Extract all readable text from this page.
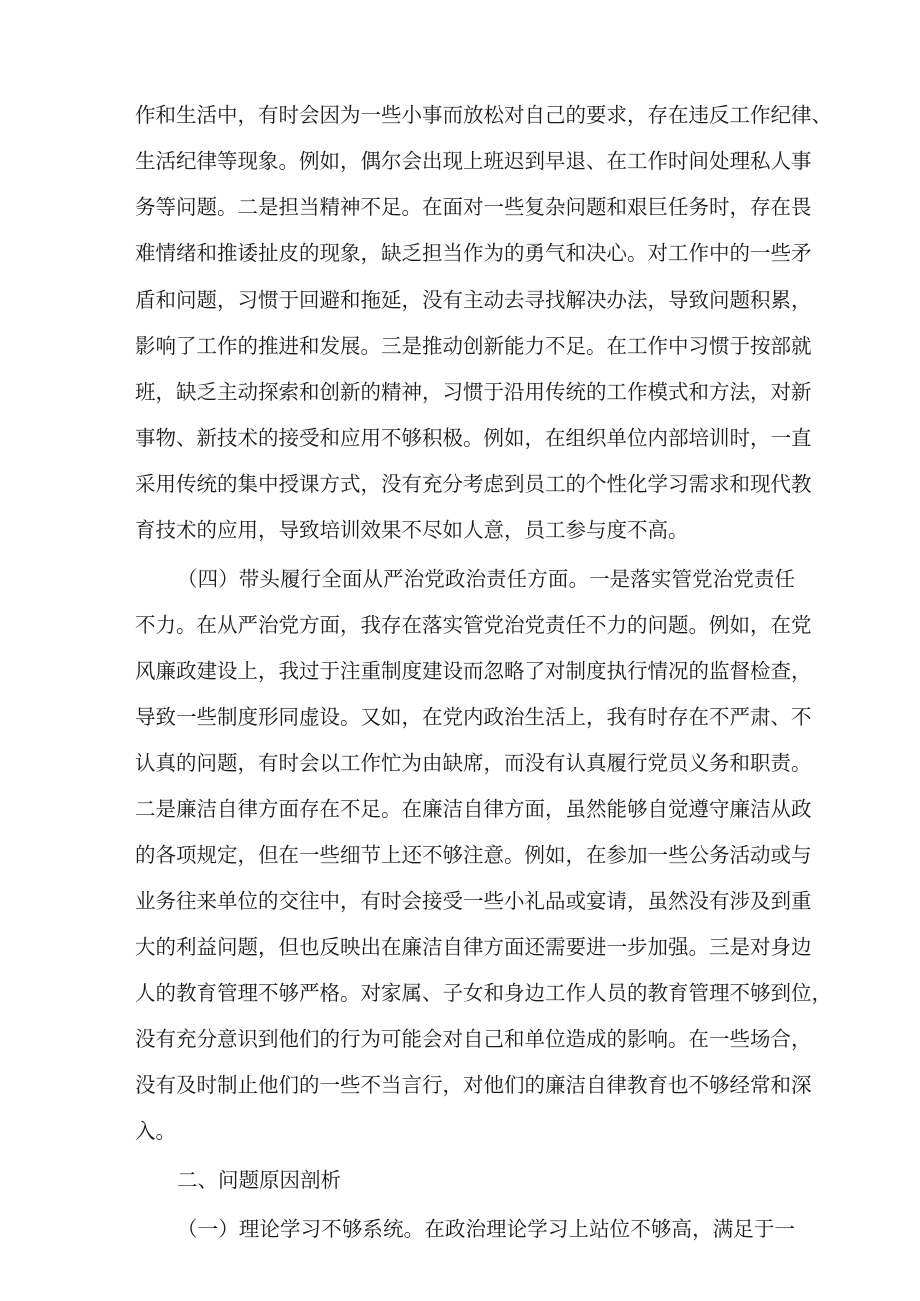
作和生活中，有时会因为一些小事而放松对自己的要求，存在违反工作纪律、
生活纪律等现象。例如，偶尔会出现上班迟到早退、在工作时间处理私人事
务等问题。二是担当精神不足。在面对一些复杂问题和艰巨任务时，存在畏
难情绪和推诿扯皮的现象，缺乏担当作为的勇气和决心。对工作中的一些矛
盾和问题，习惯于回避和拖延，没有主动去寻找解决办法，导致问题积累，
影响了工作的推进和发展。三是推动创新能力不足。在工作中习惯于按部就
班，缺乏主动探索和创新的精神，习惯于沿用传统的工作模式和方法，对新
事物、新技术的接受和应用不够积极。例如，在组织单位内部培训时，一直
采用传统的集中授课方式，没有充分考虑到员工的个性化学习需求和现代教
育技术的应用，导致培训效果不尽如人意，员工参与度不高。
（四）带头履行全面从严治党政治责任方面。一是落实管党治党责任
不力。在从严治党方面，我存在落实管党治党责任不力的问题。例如，在党
风廉政建设上，我过于注重制度建设而忽略了对制度执行情况的监督检查，
导致一些制度形同虚设。又如，在党内政治生活上，我有时存在不严肃、不
认真的问题，有时会以工作忙为由缺席，而没有认真履行党员义务和职责。
二是廉洁自律方面存在不足。在廉洁自律方面，虽然能够自觉遵守廉洁从政
的各项规定，但在一些细节上还不够注意。例如，在参加一些公务活动或与
业务往来单位的交往中，有时会接受一些小礼品或宴请，虽然没有涉及到重
大的利益问题，但也反映出在廉洁自律方面还需要进一步加强。三是对身边
人的教育管理不够严格。对家属、子女和身边工作人员的教育管理不够到位，
没有充分意识到他们的行为可能会对自己和单位造成的影响。在一些场合，
没有及时制止他们的一些不当言行，对他们的廉洁自律教育也不够经常和深
入。
二、问题原因剖析
（一）理论学习不够系统。在政治理论学习上站位不够高，满足于一
